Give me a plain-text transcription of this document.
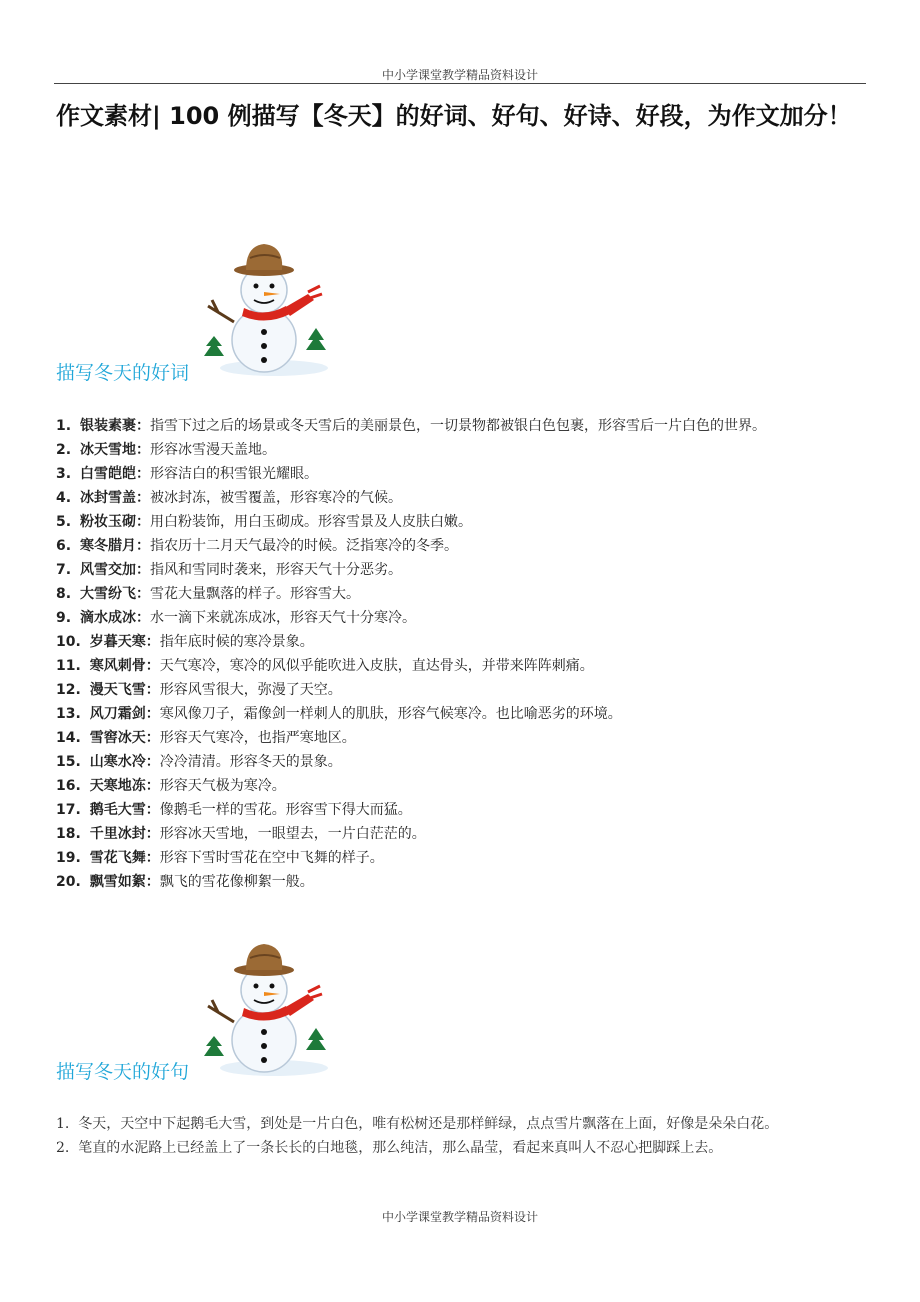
中小学课堂教学精品资料设计
作文素材| 100 例描写【冬天】的好词、好句、好诗、好段，为作文加分！
描写冬天的好词
1. 银装素裹：指雪下过之后的场景或冬天雪后的美丽景色，一切景物都被银白色包裹，形容雪后一片白色的世界。
2. 冰天雪地：形容冰雪漫天盖地。
3. 白雪皑皑：形容洁白的积雪银光耀眼。
4. 冰封雪盖：被冰封冻，被雪覆盖，形容寒冷的气候。
5. 粉妆玉砌：用白粉装饰，用白玉砌成。形容雪景及人皮肤白嫩。
6. 寒冬腊月：指农历十二月天气最冷的时候。泛指寒冷的冬季。
7. 风雪交加：指风和雪同时袭来，形容天气十分恶劣。
8. 大雪纷飞：雪花大量飘落的样子。形容雪大。
9. 滴水成冰：水一滴下来就冻成冰，形容天气十分寒冷。
10. 岁暮天寒：指年底时候的寒冷景象。
11. 寒风刺骨：天气寒冷，寒冷的风似乎能吹进入皮肤，直达骨头，并带来阵阵刺痛。
12. 漫天飞雪：形容风雪很大，弥漫了天空。
13. 风刀霜剑：寒风像刀子，霜像剑一样刺人的肌肤，形容气候寒冷。也比喻恶劣的环境。
14. 雪窖冰天：形容天气寒冷，也指严寒地区。
15. 山寒水冷：冷冷清清。形容冬天的景象。
16. 天寒地冻：形容天气极为寒冷。
17. 鹅毛大雪：像鹅毛一样的雪花。形容雪下得大而猛。
18. 千里冰封：形容冰天雪地，一眼望去，一片白茫茫的。
19. 雪花飞舞：形容下雪时雪花在空中飞舞的样子。
20. 飘雪如絮：飘飞的雪花像柳絮一般。
描写冬天的好句
1. 冬天，天空中下起鹅毛大雪，到处是一片白色，唯有松树还是那样鲜绿，点点雪片飘落在上面，好像是朵朵白花。
2. 笔直的水泥路上已经盖上了一条长长的白地毯，那么纯洁，那么晶莹，看起来真叫人不忍心把脚踩上去。
中小学课堂教学精品资料设计
